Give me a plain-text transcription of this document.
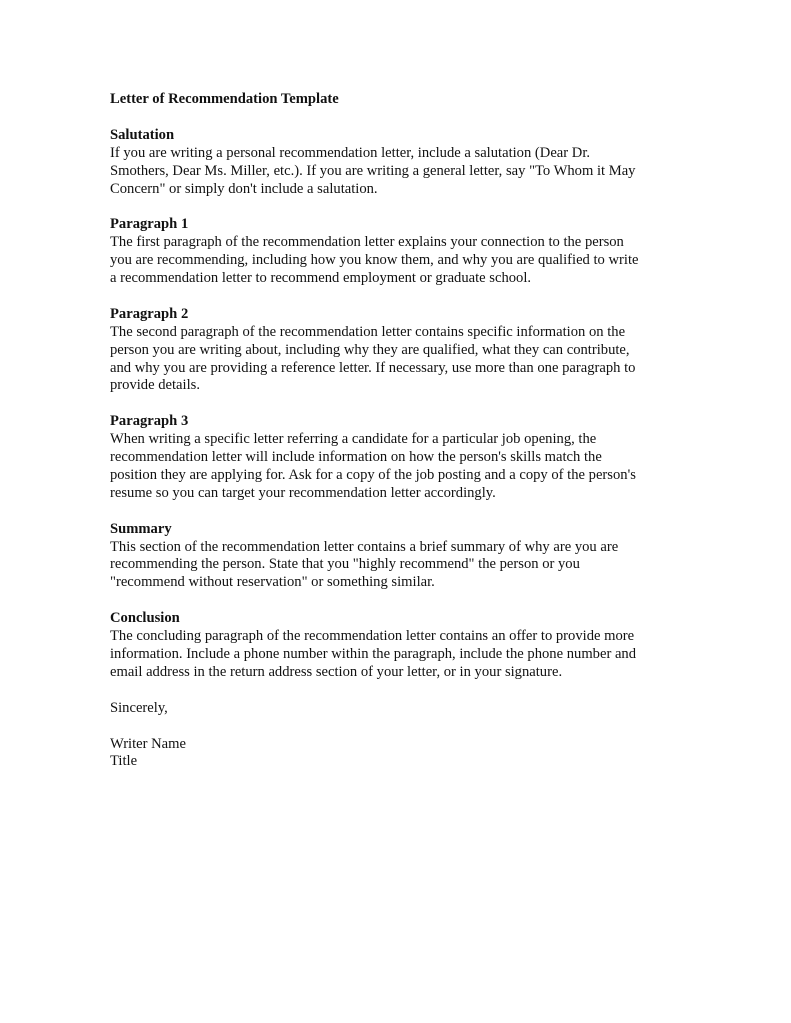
Letter of Recommendation Template
Salutation
If you are writing a personal recommendation letter, include a salutation (Dear Dr.
Smothers, Dear Ms. Miller, etc.). If you are writing a general letter, say "To Whom it May
Concern" or simply don't include a salutation.
Paragraph 1
The first paragraph of the recommendation letter explains your connection to the person
you are recommending, including how you know them, and why you are qualified to write
a recommendation letter to recommend employment or graduate school.
Paragraph 2
The second paragraph of the recommendation letter contains specific information on the
person you are writing about, including why they are qualified, what they can contribute,
and why you are providing a reference letter. If necessary, use more than one paragraph to
provide details.
Paragraph 3
When writing a specific letter referring a candidate for a particular job opening, the
recommendation letter will include information on how the person's skills match the
position they are applying for. Ask for a copy of the job posting and a copy of the person's
resume so you can target your recommendation letter accordingly.
Summary
This section of the recommendation letter contains a brief summary of why are you are
recommending the person. State that you "highly recommend" the person or you
"recommend without reservation" or something similar.
Conclusion
The concluding paragraph of the recommendation letter contains an offer to provide more
information. Include a phone number within the paragraph, include the phone number and
email address in the return address section of your letter, or in your signature.
Sincerely,
Writer Name
Title
